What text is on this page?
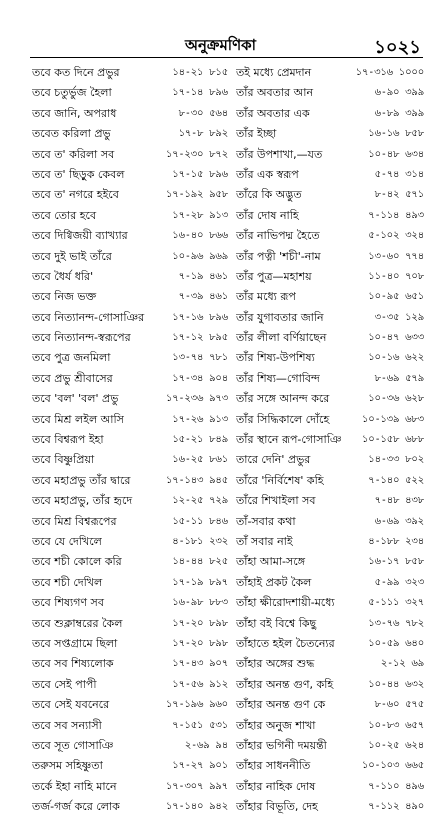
অনুক্রমণিকা	১০২১
তবে কত দিনে প্রভুর	১৪-২১ ৮১৫
তবে চতুর্ভুজ হৈলা	১৭-১৪ ৮৯৬
তবে জানি, অপরাধ	৮-৩০ ৫৬৪
তবেত করিলা প্রভু	১৭-৮ ৮৯২
তবে ত' করিলা সব	১৭-২৩০ ৮৭২
তবে ত' ছিড়ুক কেবল	১৭-১৫ ৮৯৬
তবে ত' নগরে হইবে	১৭-১৯২ ৯৫৮
তবে তোর হবে	১৭-২৮ ৯১৩
তবে দিগ্বিজয়ী ব্যাখ্যার	১৬-৪০ ৮৬৬
তবে দুই ভাই তাঁরে	১০-৯৬ ৯৬৯
তবে ধৈর্য ধরি'	৭-১৯ ৪৬১
তবে নিজ ভক্ত	৭-৩৯ ৪৬১
তবে নিত্যানন্দ-গোসাঞির	১৭-১৬ ৮৯৬
তবে নিত্যানন্দ-স্বরূপের	১৭-১২ ৮৯৫
তবে পুত্র জনমিলা	১৩-৭৪ ৭৮১
তবে প্রভু শ্রীবাসের	১৭-৩৪ ৯০৪
তবে 'বল' 'বল' প্রভু	১৭-২৩৬ ৯৭৩
তবে মিশ্র লইল আসি	১৭-২৬ ৯১৩
তবে বিশ্বরূপ ইহা	১৫-২১ ৮৪৯
তবে বিষ্ণুপ্রিয়া	১৬-২৫ ৮৬১
তবে মহাপ্রভু তাঁর দ্বারে	১৭-১৪৩ ৯৪৫
তবে মহাপ্রভু, তাঁর হৃদে	১২-২৫ ৭২৯
তবে মিশ্র বিশ্বরূপের	১৫-১১ ৮৪৬
তবে যে দেখিলে	৪-১৮১ ২৩২
তবে শচী কোলে করি	১৪-৪৪ ৮২৫
তবে শচী দেখিল	১৭-১৯ ৮৯৭
তবে শিষ্যগণ সব	১৬-৯৮ ৮৮৩
তবে শুক্লাম্বরের কৈল	১৭-২০ ৮৯৮
তবে সপ্তগ্রামে ছিলা	১৭-২০ ৮৯৮
তবে সব শিষ্যলোক	১৭-৪৩ ৯০৭
তবে সেই পাপী	১৭-৫৬ ৯১২
তবে সেই যবনেরে	১৭-১৯৬ ৯৬০
তবে সব সন্যাসী	৭-১৫১ ৫৩১
তবে সূত গোসাঞি	২-৬৯ ৯৪
তরুসম সহিষ্ণুতা	১৭-২৭ ৯০১
তর্কে ইহা নাহি মানে	১৭-৩০৭ ৯৯৭
তর্জ-গর্জ করে লোক	১৭-১৪০ ৯৪২
তই মধ্যে প্রেমদান	১৭-৩১৬ ১০০০
তাঁর অবতার আন	৬-৯০ ৩৯৯
তাঁর অবতার এক	৬-৮৯ ৩৯৯
তাঁর ইচ্ছা	১৬-১৬ ৮৫৮
তাঁর উপশাখা,—যত	১০-৪৮ ৬৩৪
তাঁর এক স্বরূপ	৫-৭৪ ৩১৪
তাঁরে কি অদ্ভুত	৮-৪২ ৫৭১
তাঁর দোষ নাহি	৭-১১৪ ৪৯৩
তাঁর নাভিপদ্ম হৈতে	৫-১০২ ৩২৪
তাঁর পত্নী 'শচী'-নাম	১৩-৬০ ৭৭৪
তাঁর পুত্র—মহাশয়	১১-৪০ ৭০৮
তাঁর মধ্যে রূপ	১০-৯৫ ৬৫১
তাঁর যুগাবতার জানি	৩-৩৫ ১২৯
তাঁর লীলা বর্ণিয়াছেন	১০-৪৭ ৬৩৩
তাঁর শিষ্য-উপশিষ্য	১০-১৬ ৬২২
তাঁর শিষ্য—গোবিন্দ	৮-৬৯ ৫৭৯
তাঁর সঙ্গে আনন্দ করে	১০-৩৬ ৬২৮
তাঁর সিদ্ধিকালে দোঁহে	১০-১৩৯ ৬৮৩
তাঁর স্থানে রূপ-গোসাঞি	১০-১৫৮ ৬৮৮
তারে দেনি' প্রভুর	১৪-৩৩ ৮০২
তাঁরে 'নির্বিশেষ' কহি	৭-১৪০ ৫২২
তাঁরে শিখাইলা সব	৭-৪৮ ৪৩৮
তাঁ-সবার কথা	৬-৬৯ ৩৯২
তাঁ সবার নাই	৪-১৮৮ ২৩৪
তাঁহা আমা-সঙ্গে	১৬-১৭ ৮৫৮
তাঁহাই প্রকট কৈল	৫-৯৯ ৩২৩
তাঁহা ক্ষীরোদশায়ী-মধ্যে	৫-১১১ ৩২৭
তাঁহা বই বিশ্বে কিছু	১৩-৭৬ ৭৮২
তাঁহাতে হইল চৈতন্যের	১০-৫৯ ৬৪০
তাঁহার অঙ্গের শুদ্ধ	২-১২ ৬৯
তাঁহার অনন্ত গুণ, কহি	১০-৪৪ ৬৩২
তাঁহার অনন্ত গুণ কে	৮-৬০ ৫৭৫
তাঁহার অনুজ শাখা	১০-৮৩ ৬৫৭
তাঁহার ভগিনী দময়ন্তী	১০-২৫ ৬২৪
তাঁহার সাধননীতি	১০-১০৩ ৬৬৫
তাঁহার নাহিক দোষ	৭-১১০ ৪৯৬
তাঁহার বিভূতি, দেহ	৭-১১২ ৪৯০
